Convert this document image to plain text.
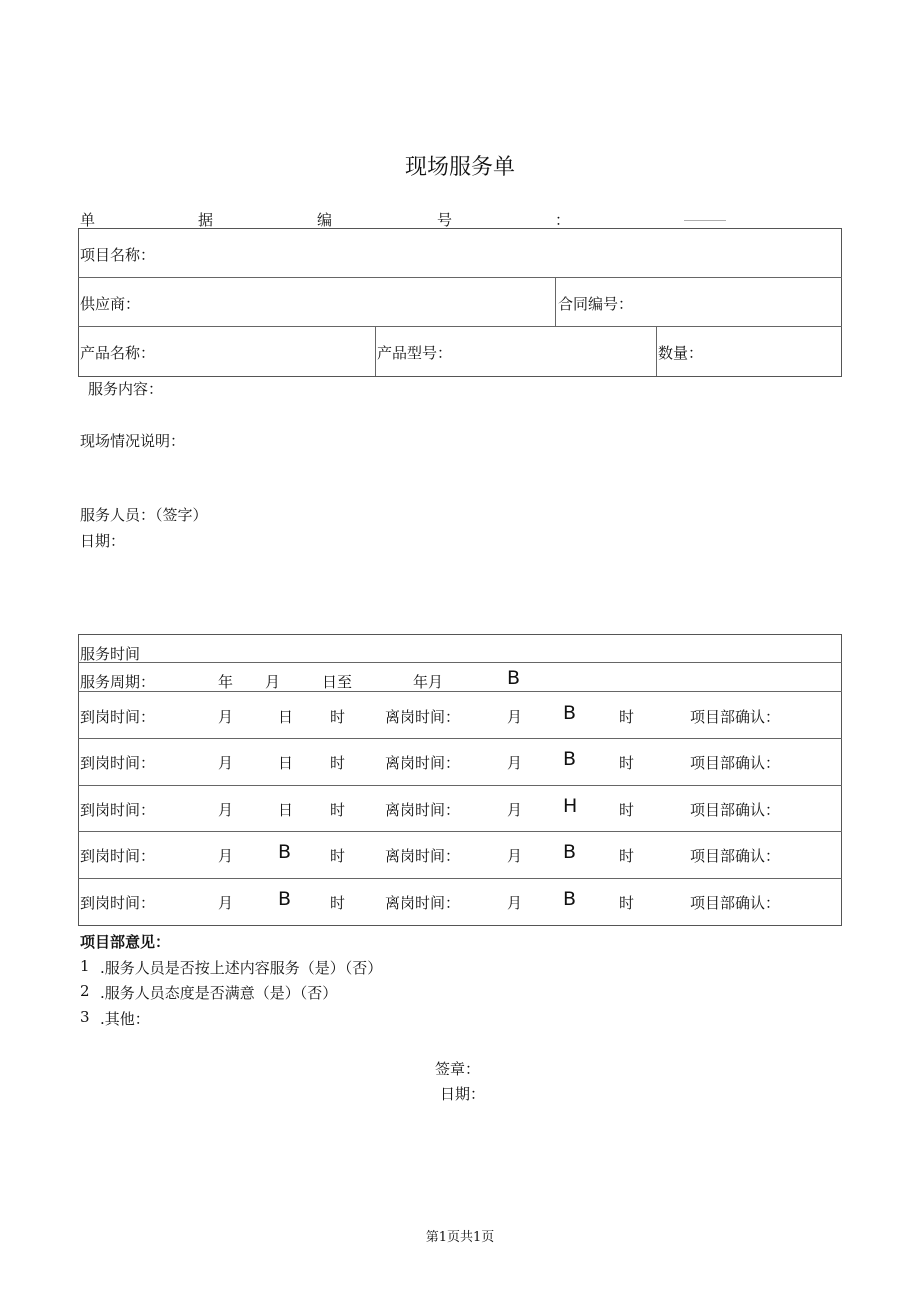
现场服务单
单	据	编	号	：	_______
项目名称：
供应商：	合同编号：
产品名称：	产品型号：	数量：
服务内容：
现场情况说明：
服务人员：（签字）
日期：
服务时间
服务周期：	年 月	日至	年月	B
到岗时间：	月	日 时	离岗时间：	月 B	时	项目部确认：
到岗时间：	月	日 时	离岗时间：	月 B	时	项目部确认：
到岗时间：	月	日 时	离岗时间：	月 H	时	项目部确认：
到岗时间：	月 B	时	离岗时间：	月 B	时	项目部确认：
到岗时间：	月 B	时	离岗时间：	月 B	时	项目部确认：
项目部意见：
1 .服务人员是否按上述内容服务（是）（否）
2 .服务人员态度是否满意（是）（否）
3 .其他：
签章：
日期：
第1页共1页
